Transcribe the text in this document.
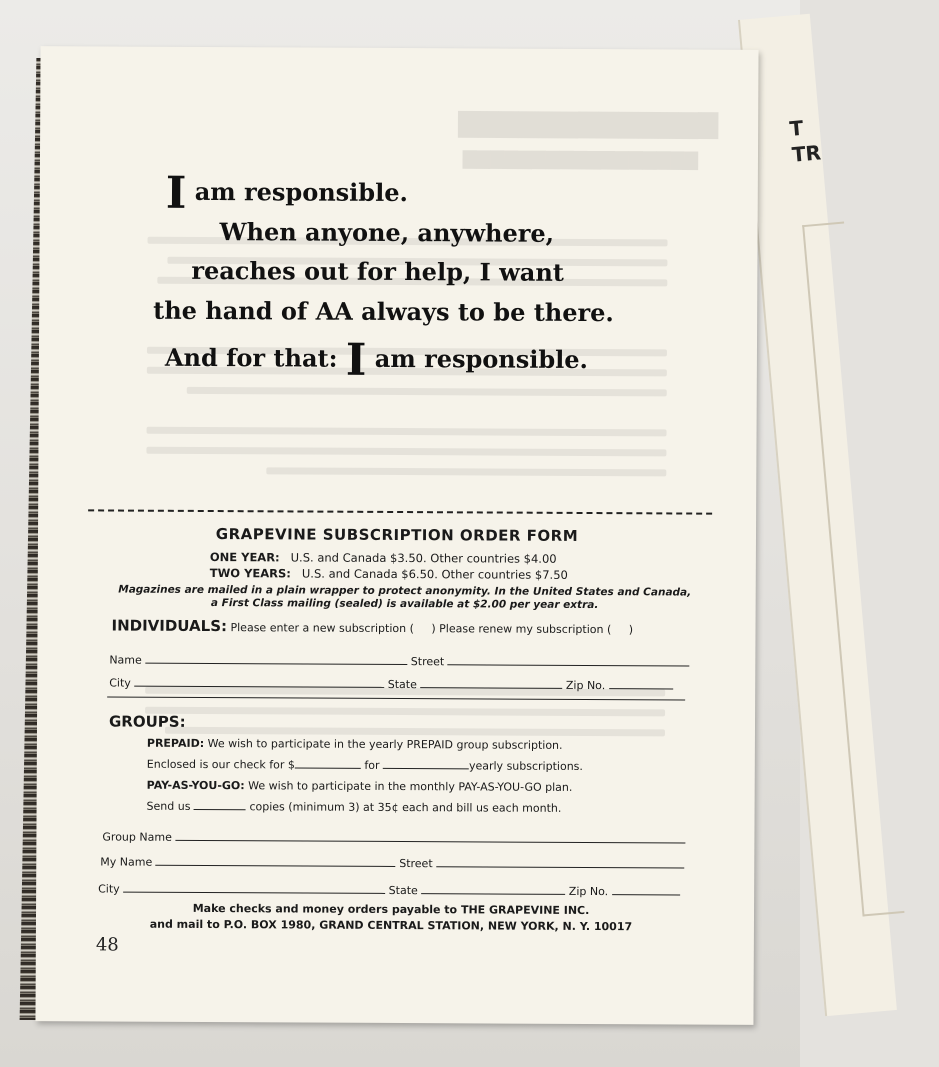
T
TR
▇▇▇▇▇▇▇▇▇▇▇▇▇
▇▇▇▇▇▇▇▇▇▇▇▇▇▇▇▇▇
I am responsible.
When anyone, anywhere,
reaches out for help, I want
the hand of AA always to be there.
And for that: I am responsible.
GRAPEVINE SUBSCRIPTION ORDER FORM
ONE YEAR: U.S. and Canada $3.50. Other countries $4.00
TWO YEARS: U.S. and Canada $6.50. Other countries $7.50
Magazines are mailed in a plain wrapper to protect anonymity. In the United States and Canada,
a First Class mailing (sealed) is available at $2.00 per year extra.
INDIVIDUALS: Please enter a new subscription ( ) Please renew my subscription ( )
Name	Street
City	State	Zip No.
GROUPS:
PREPAID: We wish to participate in the yearly PREPAID group subscription.
Enclosed is our check for $	for	yearly subscriptions.
PAY-AS-YOU-GO: We wish to participate in the monthly PAY-AS-YOU-GO plan.
Send us	copies (minimum 3) at 35¢ each and bill us each month.
Group Name
My Name	Street
City	State	Zip No.
Make checks and money orders payable to THE GRAPEVINE INC.
and mail to P.O. BOX 1980, GRAND CENTRAL STATION, NEW YORK, N. Y. 10017
48
